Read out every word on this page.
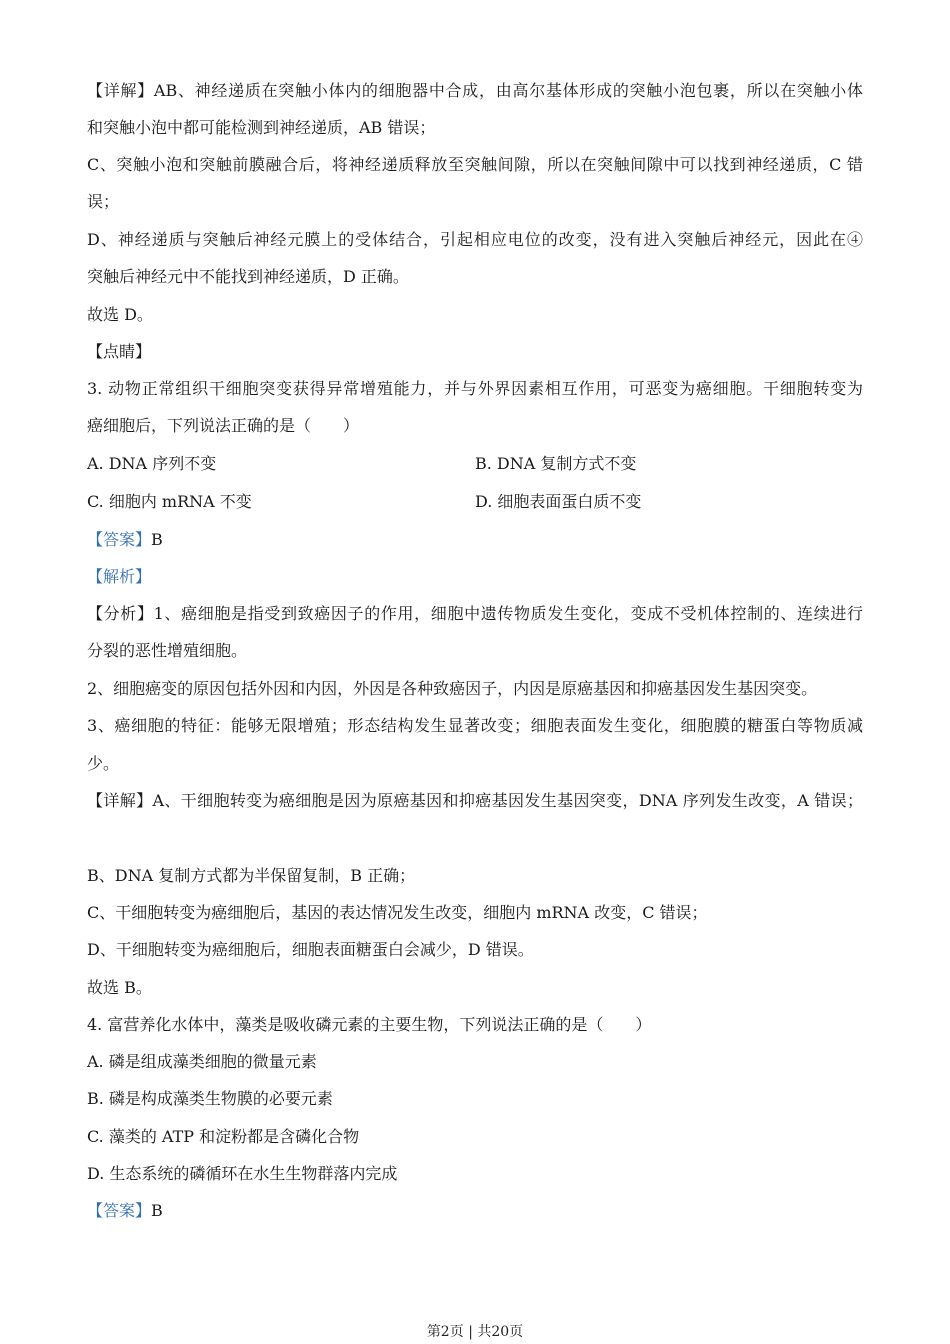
【详解】AB、神经递质在突触小体内的细胞器中合成，由高尔基体形成的突触小泡包裹，所以在突触小体
和突触小泡中都可能检测到神经递质，AB 错误；
C、突触小泡和突触前膜融合后，将神经递质释放至突触间隙，所以在突触间隙中可以找到神经递质，C 错
误；
D、神经递质与突触后神经元膜上的受体结合，引起相应电位的改变，没有进入突触后神经元，因此在④
突触后神经元中不能找到神经递质，D 正确。
故选 D。
【点睛】
3. 动物正常组织干细胞突变获得异常增殖能力，并与外界因素相互作用，可恶变为癌细胞。干细胞转变为
癌细胞后，下列说法正确的是（　　）
A. DNA 序列不变	B. DNA 复制方式不变
C. 细胞内 mRNA 不变	D. 细胞表面蛋白质不变
【答案】B
【解析】
【分析】1、癌细胞是指受到致癌因子的作用，细胞中遗传物质发生变化，变成不受机体控制的、连续进行
分裂的恶性增殖细胞。
2、细胞癌变的原因包括外因和内因，外因是各种致癌因子，内因是原癌基因和抑癌基因发生基因突变。
3、癌细胞的特征：能够无限增殖；形态结构发生显著改变；细胞表面发生变化，细胞膜的糖蛋白等物质减
少。
【详解】A、干细胞转变为癌细胞是因为原癌基因和抑癌基因发生基因突变，DNA 序列发生改变，A 错误；
B、DNA 复制方式都为半保留复制，B 正确；
C、干细胞转变为癌细胞后，基因的表达情况发生改变，细胞内 mRNA 改变，C 错误；
D、干细胞转变为癌细胞后，细胞表面糖蛋白会减少，D 错误。
故选 B。
4. 富营养化水体中，藻类是吸收磷元素的主要生物，下列说法正确的是（　　）
A. 磷是组成藻类细胞的微量元素
B. 磷是构成藻类生物膜的必要元素
C. 藻类的 ATP 和淀粉都是含磷化合物
D. 生态系统的磷循环在水生生物群落内完成
【答案】B
第2页 | 共20页
